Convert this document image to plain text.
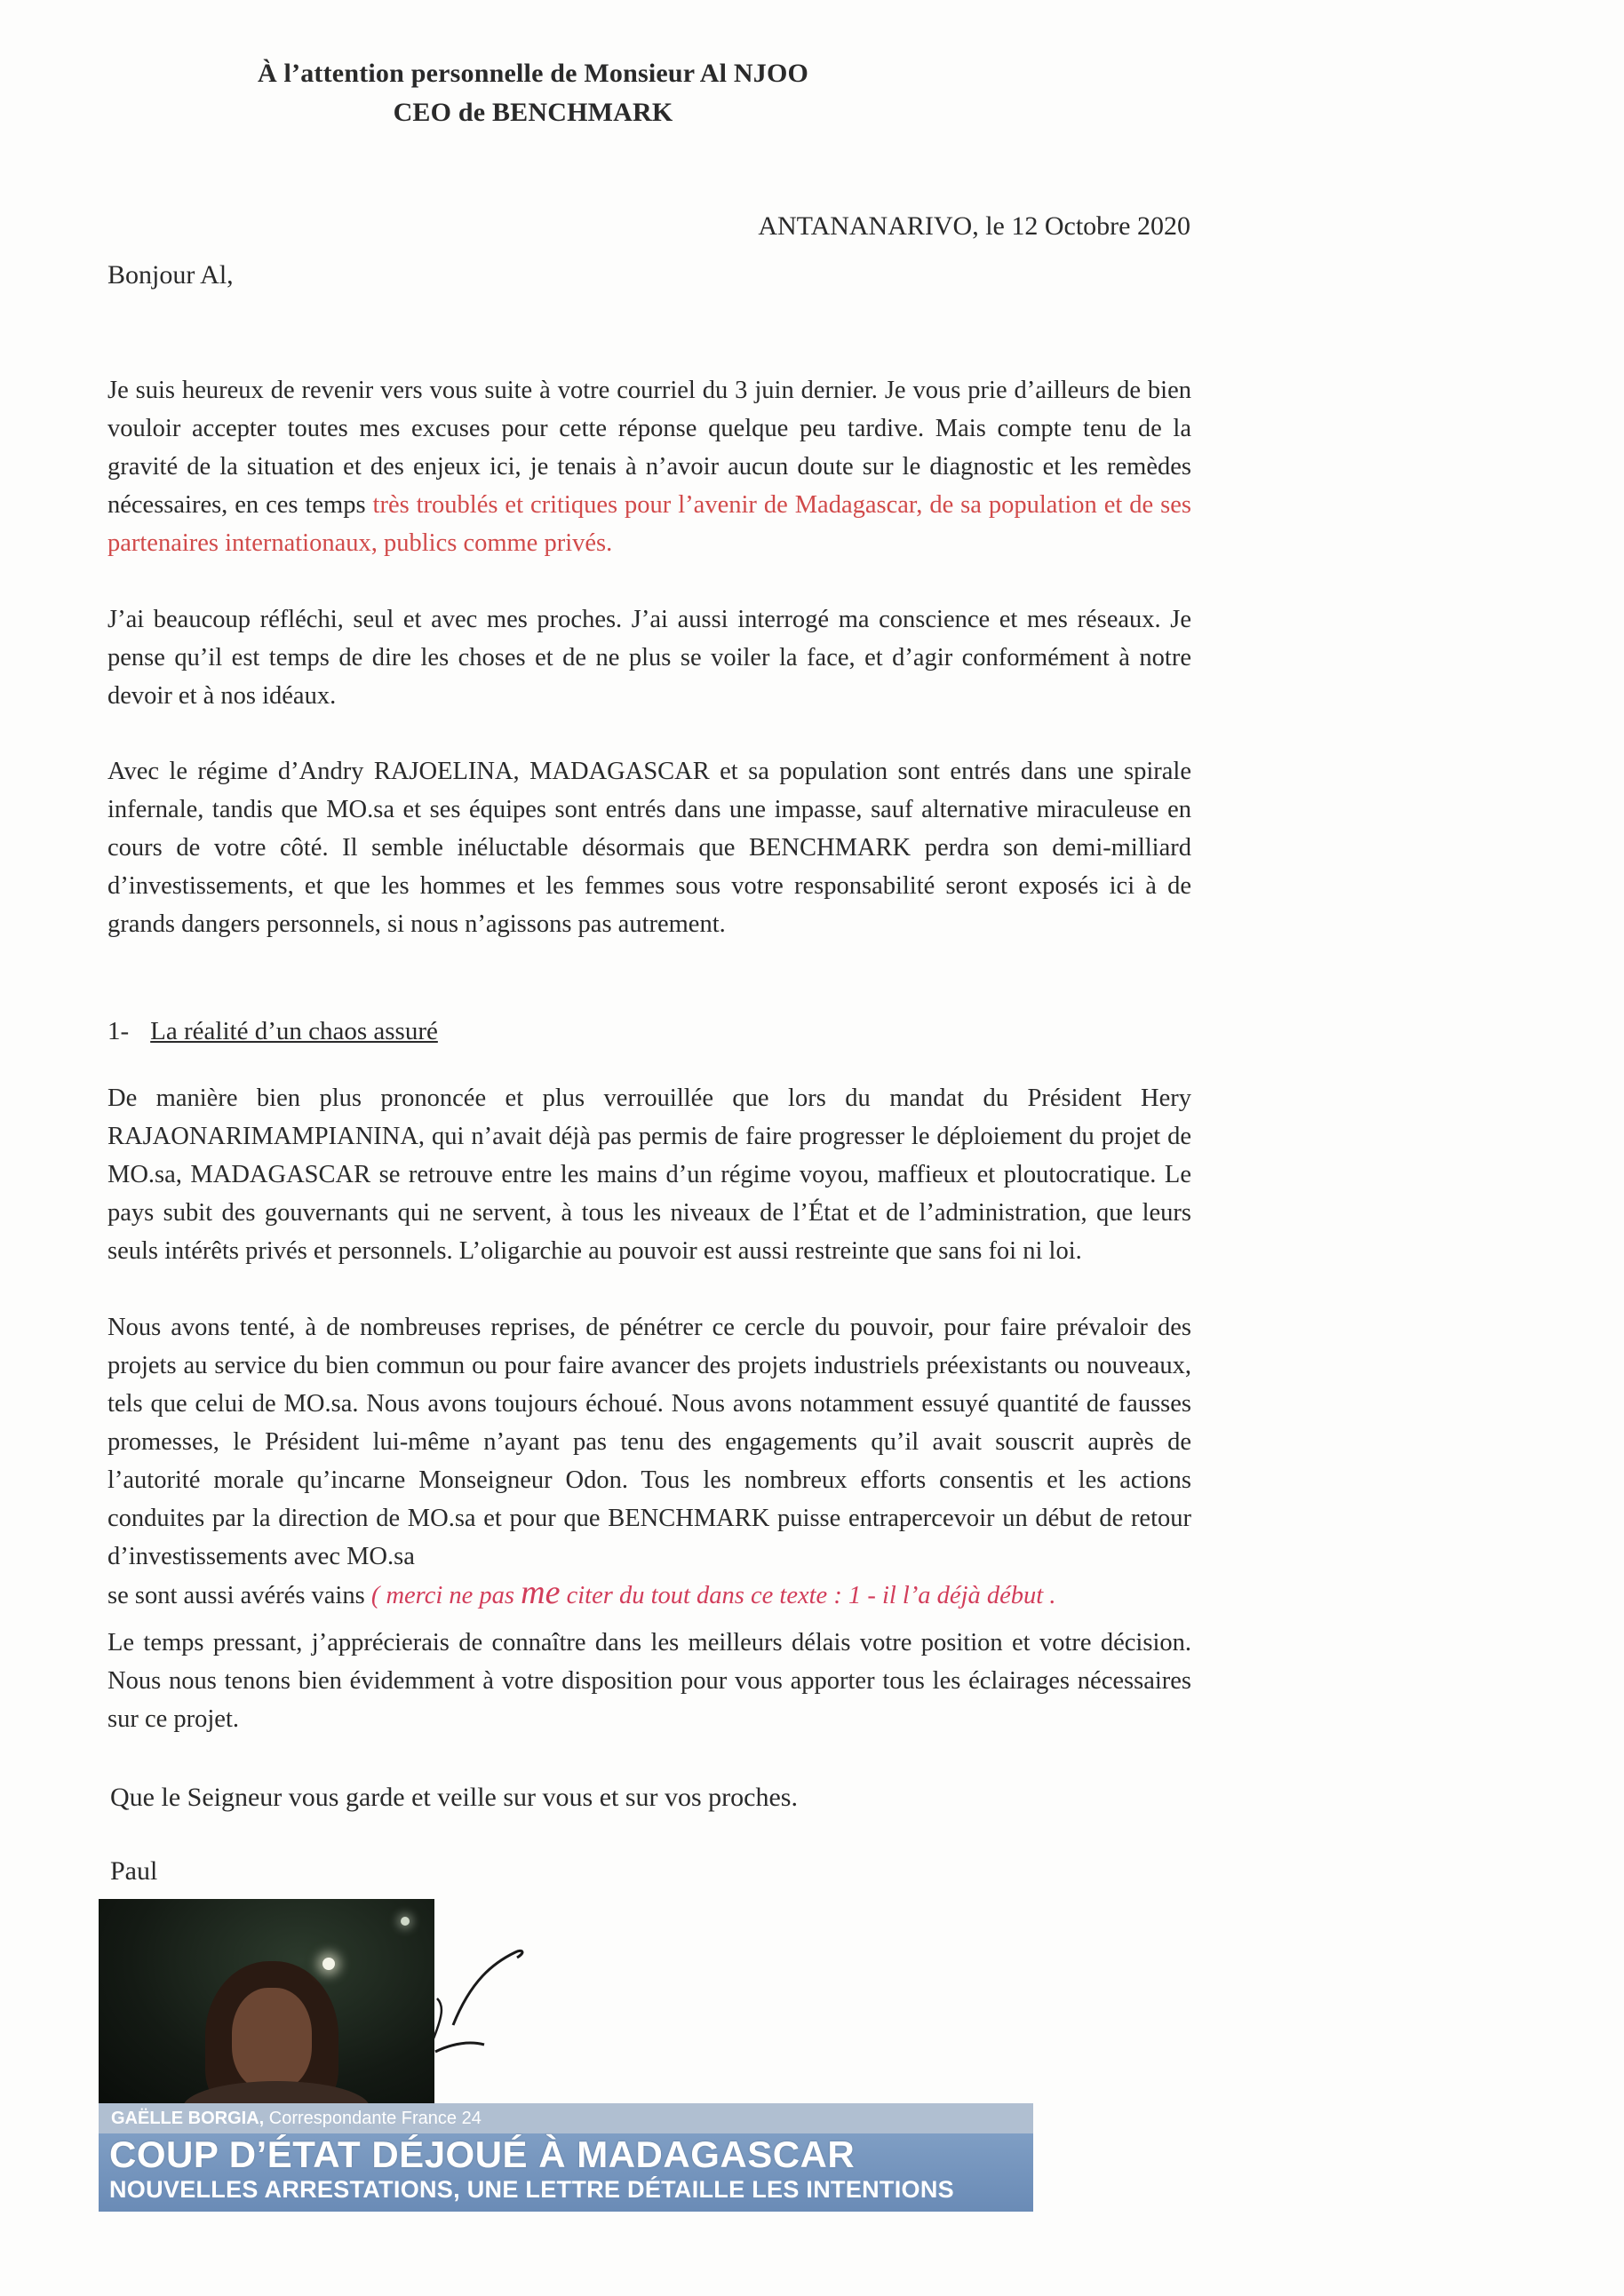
À l’attention personnelle de Monsieur Al NJOO
CEO de BENCHMARK
ANTANANARIVO, le 12 Octobre 2020
Bonjour Al,
Je suis heureux de revenir vers vous suite à votre courriel du 3 juin dernier. Je vous prie d’ailleurs de bien vouloir accepter toutes mes excuses pour cette réponse quelque peu tardive. Mais compte tenu de la gravité de la situation et des enjeux ici, je tenais à n’avoir aucun doute sur le diagnostic et les remèdes nécessaires, en ces temps très troublés et critiques pour l’avenir de Madagascar, de sa population et de ses partenaires internationaux, publics comme privés.
J’ai beaucoup réfléchi, seul et avec mes proches. J’ai aussi interrogé ma conscience et mes réseaux. Je pense qu’il est temps de dire les choses et de ne plus se voiler la face, et d’agir conformément à notre devoir et à nos idéaux.
Avec le régime d’Andry RAJOELINA, MADAGASCAR et sa population sont entrés dans une spirale infernale, tandis que MO.sa et ses équipes sont entrés dans une impasse, sauf alternative miraculeuse en cours de votre côté. Il semble inéluctable désormais que BENCHMARK perdra son demi-milliard d’investissements, et que les hommes et les femmes sous votre responsabilité seront exposés ici à de grands dangers personnels, si nous n’agissons pas autrement.
1- La réalité d’un chaos assuré
De manière bien plus prononcée et plus verrouillée que lors du mandat du Président Hery RAJAONARIMAMPIANINA, qui n’avait déjà pas permis de faire progresser le déploiement du projet de MO.sa, MADAGASCAR se retrouve entre les mains d’un régime voyou, maffieux et ploutocratique. Le pays subit des gouvernants qui ne servent, à tous les niveaux de l’État et de l’administration, que leurs seuls intérêts privés et personnels. L’oligarchie au pouvoir est aussi restreinte que sans foi ni loi.
Nous avons tenté, à de nombreuses reprises, de pénétrer ce cercle du pouvoir, pour faire prévaloir des projets au service du bien commun ou pour faire avancer des projets industriels préexistants ou nouveaux, tels que celui de MO.sa. Nous avons toujours échoué. Nous avons notamment essuyé quantité de fausses promesses, le Président lui-même n’ayant pas tenu des engagements qu’il avait souscrit auprès de l’autorité morale qu’incarne Monseigneur Odon. Tous les nombreux efforts consentis et les actions conduites par la direction de MO.sa et pour que BENCHMARK puisse entrapercevoir un début de retour d’investissements avec MO.sa
se sont aussi avérés vains ( merci ne pas me citer du tout dans ce texte : 1 - il l’a déjà début .
Le temps pressant, j’apprécierais de connaître dans les meilleurs délais votre position et votre décision. Nous nous tenons bien évidemment à votre disposition pour vous apporter tous les éclairages nécessaires sur ce projet.
Que le Seigneur vous garde et veille sur vous et sur vos proches.
Paul
GAËLLE BORGIA, Correspondante France 24
COUP D’ÉTAT DÉJOUÉ À MADAGASCAR
NOUVELLES ARRESTATIONS, UNE LETTRE DÉTAILLE LES INTENTIONS
